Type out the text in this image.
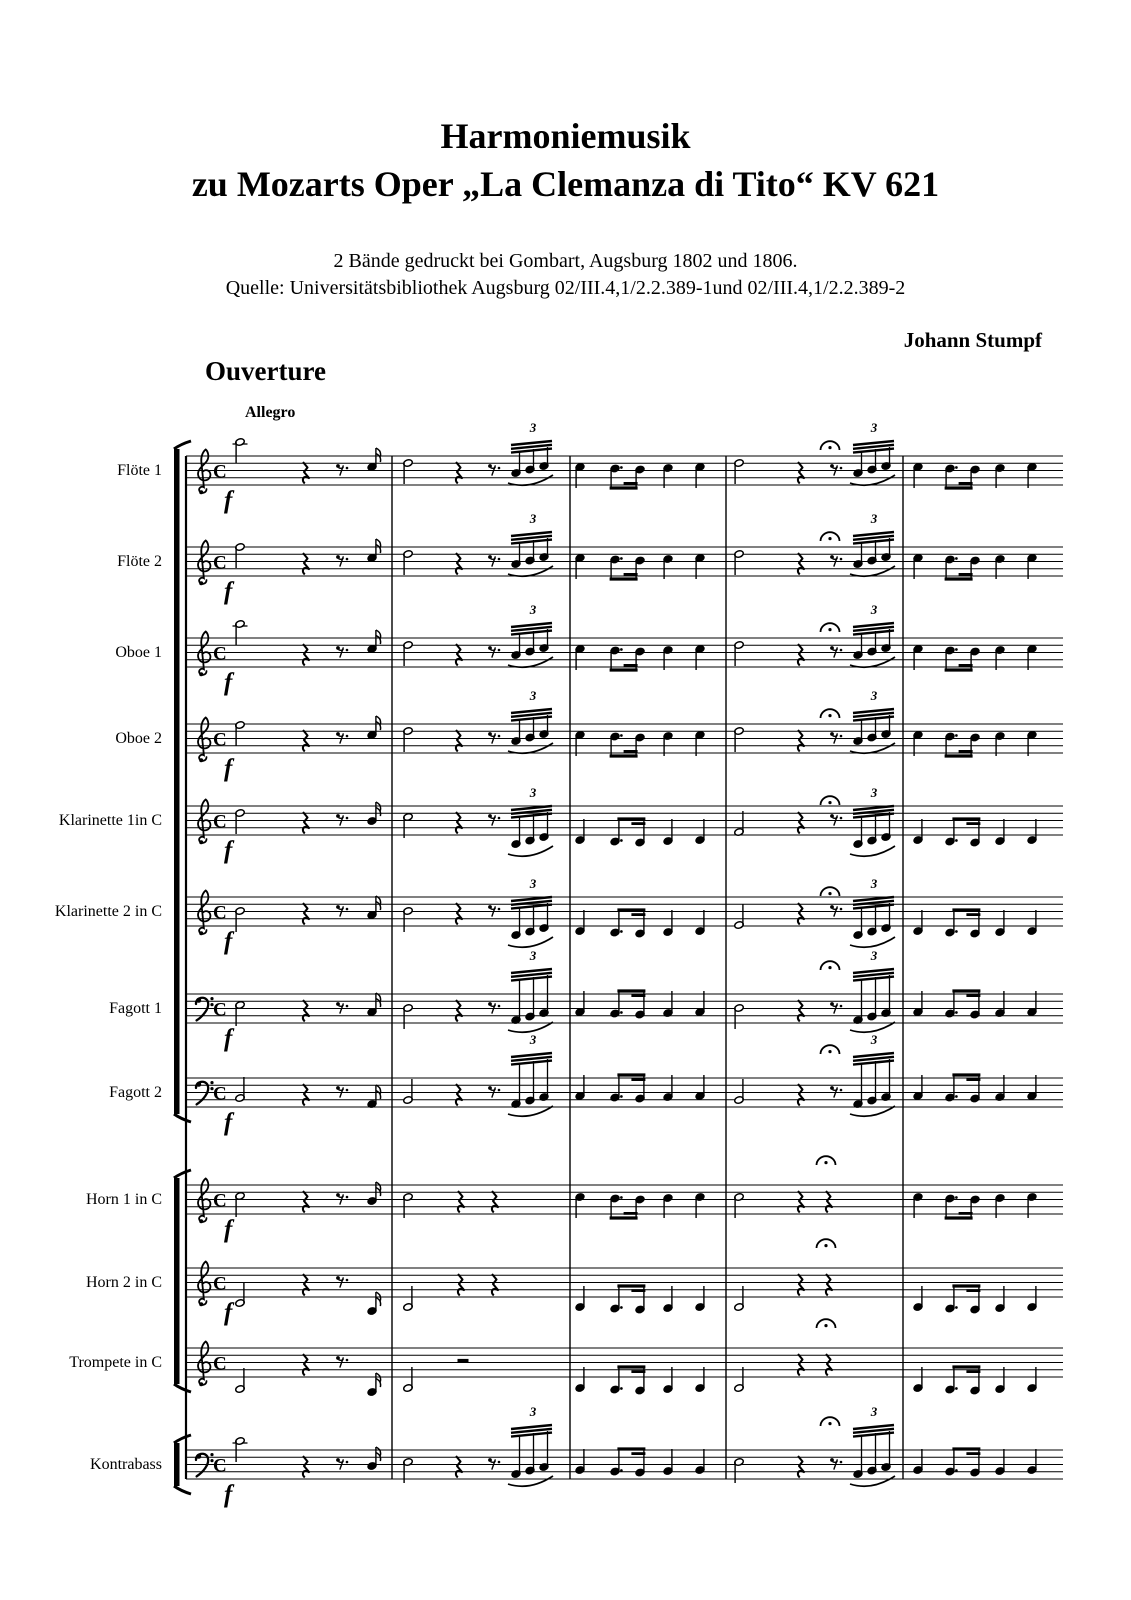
Harmoniemusik
zu Mozarts Oper „La Clemanza di Tito“ KV 621
2 Bände gedruckt bei Gombart, Augsburg 1802 und 1806.
Quelle: Universitätsbibliothek Augsburg 02/III.4,1/2.2.389-1und 02/III.4,1/2.2.389-2
Johann Stumpf
Ouverture
Allegro
Flöte 1
Flöte 2
Oboe 1
Oboe 2
Klarinette 1in C
Klarinette 2 in C
Fagott 1
Fagott 2
Horn 1 in C
Horn 2 in C
Trompete in C
Kontrabass
C
f
3	3
C
f
3	3
C
f
3	3
C
f
3	3
C
f
3	3
C
f
3	3
C
f
3	3
C
f
3	3
C
f
C
f
C
C
f
3	3
